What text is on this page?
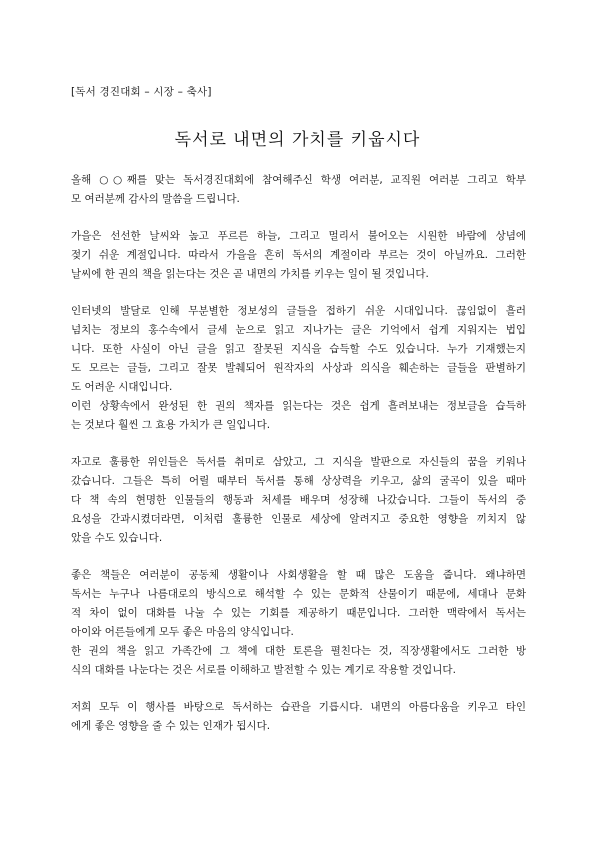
[독서 경진대회 – 시장 – 축사]
독서로 내면의 가치를 키웁시다
올해 ○○째를 맞는 독서경진대회에 참여해주신 학생 여러분, 교직원 여러분 그리고 학부
모 여러분께 감사의 말씀을 드립니다.
가을은 선선한 날씨와 높고 푸르른 하늘, 그리고 멀리서 불어오는 시원한 바람에 상념에
젖기 쉬운 계절입니다. 따라서 가을을 흔히 독서의 계절이라 부르는 것이 아닐까요. 그러한
날씨에 한 권의 책을 읽는다는 것은 곧 내면의 가치를 키우는 일이 될 것입니다.
인터넷의 발달로 인해 무분별한 정보성의 글들을 접하기 쉬운 시대입니다. 끊임없이 흘러
넘치는 정보의 홍수속에서 글세 눈으로 읽고 지나가는 글은 기억에서 쉽게 지워지는 법입
니다. 또한 사실이 아닌 글을 읽고 잘못된 지식을 습득할 수도 있습니다. 누가 기재했는지
도 모르는 글들, 그리고 잘못 발췌되어 원작자의 사상과 의식을 훼손하는 글들을 판별하기
도 어려운 시대입니다.
이런 상황속에서 완성된 한 권의 책자를 읽는다는 것은 쉽게 흘려보내는 정보글을 습득하
는 것보다 훨씬 그 효용 가치가 큰 일입니다.
자고로 훌륭한 위인들은 독서를 취미로 삼았고, 그 지식을 발판으로 자신들의 꿈을 키워나
갔습니다. 그들은 특히 어릴 때부터 독서를 통해 상상력을 키우고, 삶의 굴곡이 있을 때마
다 책 속의 현명한 인물들의 행동과 처세를 배우며 성장해 나갔습니다. 그들이 독서의 중
요성을 간과시켰더라면, 이처럼 훌륭한 인물로 세상에 알려지고 중요한 영향을 끼치지 않
았을 수도 있습니다.
좋은 책들은 여러분이 공동체 생활이나 사회생활을 할 때 많은 도움을 줍니다. 왜냐하면
독서는 누구나 나름대로의 방식으로 해석할 수 있는 문화적 산물이기 때문에, 세대나 문화
적 차이 없이 대화를 나눌 수 있는 기회를 제공하기 때문입니다. 그러한 맥락에서 독서는
아이와 어른들에게 모두 좋은 마음의 양식입니다.
한 권의 책을 읽고 가족간에 그 책에 대한 토론을 펼친다는 것, 직장생활에서도 그러한 방
식의 대화를 나눈다는 것은 서로를 이해하고 발전할 수 있는 계기로 작용할 것입니다.
저희 모두 이 행사를 바탕으로 독서하는 습관을 기릅시다. 내면의 아름다움을 키우고 타인
에게 좋은 영향을 줄 수 있는 인재가 됩시다.
